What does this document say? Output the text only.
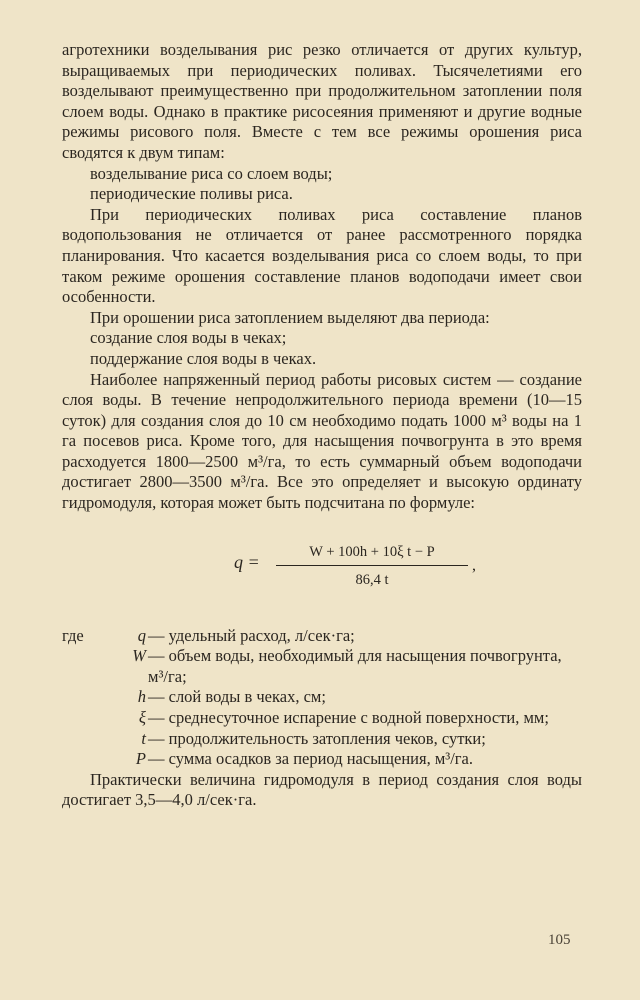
агротехники возделывания рис резко отличается от других культур, выращиваемых при периодических поливах. Тысячелетиями его возделывают преимущественно при продолжительном затоплении поля слоем воды. Однако в практике рисосеяния применяют и другие водные режимы рисового поля. Вместе с тем все режимы орошения риса сводятся к двум типам:

возделывание риса со слоем воды;

периодические поливы риса.

При периодических поливах риса составление планов водопользования не отличается от ранее рассмотренного порядка планирования. Что касается возделывания риса со слоем воды, то при таком режиме орошения составление планов водоподачи имеет свои особенности.

При орошении риса затоплением выделяют два периода:

создание слоя воды в чеках;

поддержание слоя воды в чеках.

Наиболее напряженный период работы рисовых систем — создание слоя воды. В течение непродолжительного периода времени (10—15 суток) для создания слоя до 10 см необходимо подать 1000 м³ воды на 1 га посевов риса. Кроме того, для насыщения почвогрунта в это время расходуется 1800—2500 м³/га, то есть суммарный объем водоподачи достигает 2800—3500 м³/га. Все это определяет и высокую ординату гидромодуля, которая может быть подсчитана по формуле:

q =	W + 100h + 10ξ t − P
86,4 t
,
где	q — удельный расход, л/сек·га;
W — объем воды, необходимый для насыщения почвогрунта, м³/га;
h — слой воды в чеках, см;
ξ — среднесуточное испарение с водной поверхности, мм;
t — продолжительность затопления чеков, сутки;
P — сумма осадков за период насыщения, м³/га.

Практически величина гидромодуля в период создания слоя воды достигает 3,5—4,0 л/сек·га.

105
